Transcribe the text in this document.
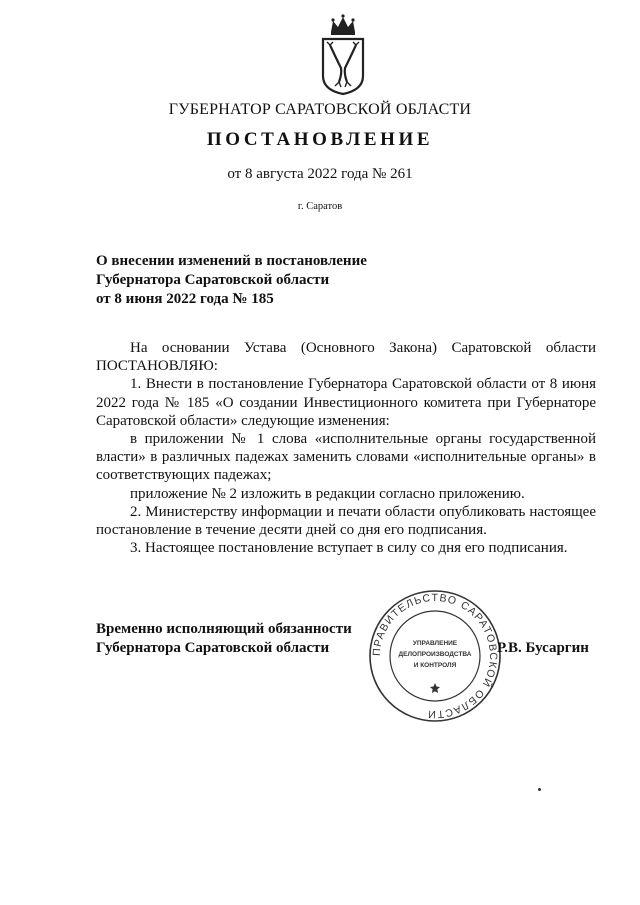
ГУБЕРНАТОР САРАТОВСКОЙ ОБЛАСТИ
ПОСТАНОВЛЕНИЕ
от 8 августа 2022 года № 261
г. Саратов
О внесении изменений в постановление
Губернатора Саратовской области
от 8 июня 2022 года № 185

На основании Устава (Основного Закона) Саратовской области ПОСТАНОВЛЯЮ:

1. Внести в постановление Губернатора Саратовской области от 8 июня 2022 года № 185 «О создании Инвестиционного комитета при Губернаторе Саратовской области» следующие изменения:

в приложении № 1 слова «исполнительные органы государственной власти» в различных падежах заменить словами «исполнительные органы» в соответствующих падежах;

приложение № 2 изложить в редакции согласно приложению.

2. Министерству информации и печати области опубликовать настоящее постановление в течение десяти дней со дня его подписания.

3. Настоящее постановление вступает в силу со дня его подписания.

Временно исполняющий обязанности
Губернатора Саратовской области	ПРАВИТЕЛЬСТВО САРАТОВСКОЙ ОБЛАСТИ
УПРАВЛЕНИЕ
ДЕЛОПРОИЗВОДСТВА
И КОНТРОЛЯ
Р.В. Бусаргин
